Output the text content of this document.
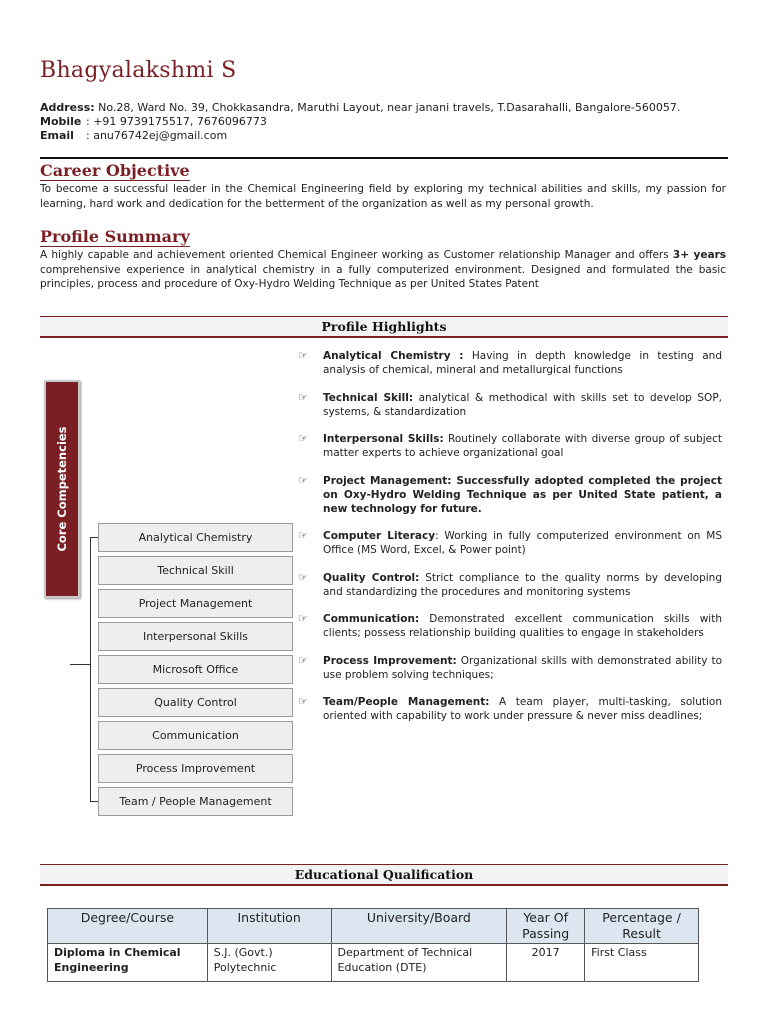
Bhagyalakshmi S
Address: No.28, Ward No. 39, Chokkasandra, Maruthi Layout, near janani travels, T.Dasarahalli, Bangalore-560057.
Mobile : +91 9739175517, 7676096773
Email : anu76742ej@gmail.com
Career Objective
To become a successful leader in the Chemical Engineering field by exploring my technical abilities and skills, my passion for learning, hard work and dedication for the betterment of the organization as well as my personal growth.
Profile Summary
A highly capable and achievement oriented Chemical Engineer working as Customer relationship Manager and offers 3+ years comprehensive experience in analytical chemistry in a fully computerized environment. Designed and formulated the basic principles, process and procedure of Oxy-Hydro Welding Technique as per United States Patent
Profile Highlights
Core Competencies	Analytical Chemistry
Technical Skill
Project Management
Interpersonal Skills
Microsoft Office
Quality Control
Communication
Process Improvement
Team / People Management
☞ Analytical Chemistry : Having in depth knowledge in testing and analysis of chemical, mineral and metallurgical functions
☞ Technical Skill: analytical & methodical with skills set to develop SOP, systems, & standardization
☞ Interpersonal Skills: Routinely collaborate with diverse group of subject matter experts to achieve organizational goal
☞ Project Management: Successfully adopted completed the project on Oxy-Hydro Welding Technique as per United State patient, a new technology for future.
☞ Computer Literacy: Working in fully computerized environment on MS Office (MS Word, Excel, & Power point)
☞ Quality Control: Strict compliance to the quality norms by developing and standardizing the procedures and monitoring systems
☞ Communication: Demonstrated excellent communication skills with clients; possess relationship building qualities to engage in stakeholders
☞ Process Improvement: Organizational skills with demonstrated ability to use problem solving techniques;
☞ Team/People Management: A team player, multi-tasking, solution oriented with capability to work under pressure & never miss deadlines;
Educational Qualification
Degree/Course	Institution	University/Board	Year Of Passing	Percentage / Result
Diploma in Chemical Engineering	S.J. (Govt.) Polytechnic	Department of Technical Education (DTE)	2017	First Class
